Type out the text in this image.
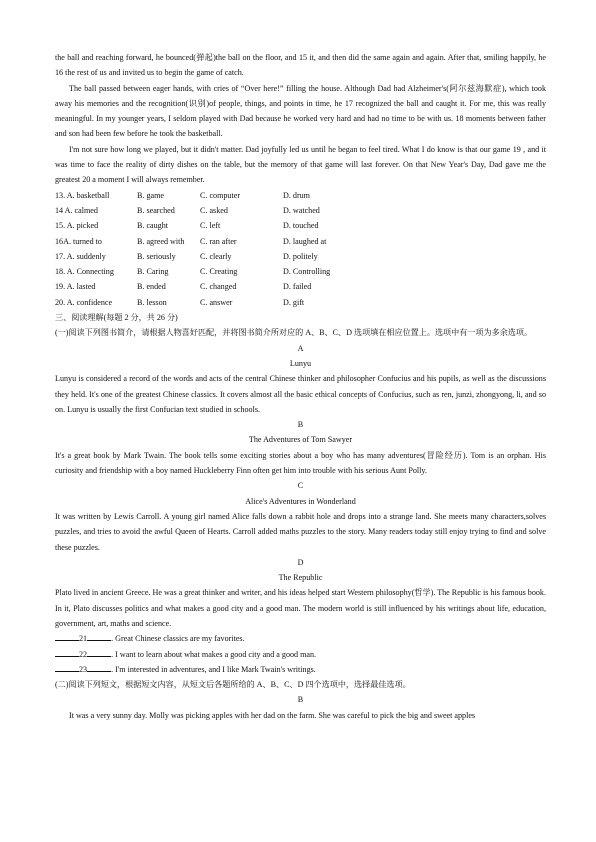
the ball and reaching forward, he bounced(弹起)the ball on the floor, and 15 it, and then did the same again and again. After that, smiling happily, he 16 the rest of us and invited us to begin the game of catch.

The ball passed between eager hands, with cries of “Over here!” filling the house. Although Dad had Alzheimer's(阿尔兹海默症), which took away his memories and the recognition(识别)of people, things, and points in time, he 17 recognized the ball and caught it. For me, this was really meaningful. In my younger years, I seldom played with Dad because he worked very hard and had no time to be with us. 18 moments between father and son had been few before he took the basketball.

I'm not sure how long we played, but it didn't matter. Dad joyfully led us until he began to feel tired. What I do know is that our game 19 , and it was time to face the reality of dirty dishes on the table, but the memory of that game will last forever. On that New Year's Day, Dad gave me the greatest 20 a moment I will always remember.

13. A. basketball	B. game	C. computer	D. drum
14 A. calmed	B. searched	C. asked	D. watched
15. A. picked	B. caught	C. left	D. touched
16A. turned to	B. agreed with	C. ran after	D. laughed at
17. A. suddenly	B. seriously	C. clearly	D. politely
18. A. Connecting	B. Caring	C. Creating	D. Controlling
19. A. lasted	B. ended	C. changed	D. failed
20. A. confidence	B. lesson	C. answer	D. gift

三、阅读理解(每题 2 分，共 26 分)

(一)阅读下列图书简介，请根据人物喜好匹配，并将图书简介所对应的 A、B、C、D 选项填在相应位置上。选项中有一项为多余选项。

A

Lunyu

Lunyu is considered a record of the words and acts of the central Chinese thinker and philosopher Confucius and his pupils, as well as the discussions they held. It's one of the greatest Chinese classics. It covers almost all the basic ethical concepts of Confucius, such as ren, junzi, zhongyong, li, and so on. Lunyu is usually the first Confucian text studied in schools.

B

The Adventures of Tom Sawyer

It's a great book by Mark Twain. The book tells some exciting stories about a boy who has many adventures(冒险经历). Tom is an orphan. His curiosity and friendship with a boy named Huckleberry Finn often get him into trouble with his serious Aunt Polly.

C

Alice's Adventures in Wonderland

It was written by Lewis Carroll. A young girl named Alice falls down a rabbit hole and drops into a strange land. She meets many characters,solves puzzles, and tries to avoid the awful Queen of Hearts. Carroll added maths puzzles to the story. Many readers today still enjoy trying to find and solve these puzzles.

D

The Republic

Plato lived in ancient Greece. He was a great thinker and writer, and his ideas helped start Western philosophy(哲学). The Republic is his famous book. In it, Plato discusses politics and what makes a good city and a good man. The modern world is still influenced by his writings about life, education, government, art, maths and science.

21	. Great Chinese classics are my favorites.

22	. I want to learn about what makes a good city and a good man.

23	. I'm interested in adventures, and I like Mark Twain's writings.

(二)阅读下列短文，根据短文内容，从短文后各题所给的 A、B、C、D 四个选项中，选择最佳选项。

B

It was a very sunny day. Molly was picking apples with her dad on the farm. She was careful to pick the big and sweet apples
